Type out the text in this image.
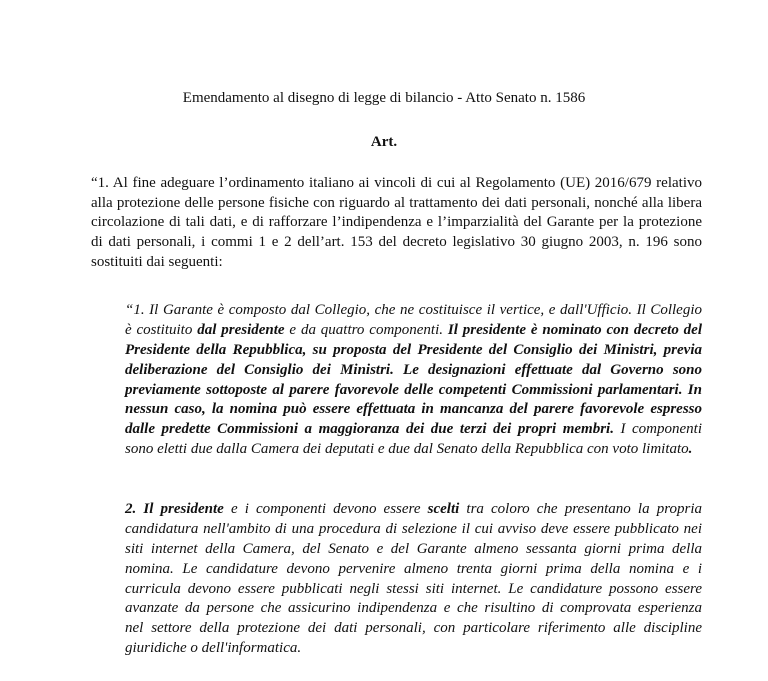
Emendamento al disegno di legge di bilancio - Atto Senato n. 1586
Art.
“1. Al fine adeguare l’ordinamento italiano ai vincoli di cui al Regolamento (UE) 2016/679 relativo
alla protezione delle persone fisiche con riguardo al trattamento dei dati personali, nonché alla libera
circolazione di tali dati, e di rafforzare l’indipendenza e l’imparzialità del Garante per la protezione
di dati personali, i commi 1 e 2 dell’art. 153 del decreto legislativo 30 giugno 2003, n. 196 sono
sostituiti dai seguenti:
“1. Il Garante è composto dal Collegio, che ne costituisce il vertice, e dall'Ufficio. Il Collegio
è costituito dal presidente e da quattro componenti. Il presidente è nominato con decreto del
Presidente della Repubblica, su proposta del Presidente del Consiglio dei Ministri, previa
deliberazione del Consiglio dei Ministri. Le designazioni effettuate dal Governo sono
previamente sottoposte al parere favorevole delle competenti Commissioni parlamentari. In
nessun caso, la nomina può essere effettuata in mancanza del parere favorevole espresso
dalle predette Commissioni a maggioranza dei due terzi dei propri membri. I componenti
sono eletti due dalla Camera dei deputati e due dal Senato della Repubblica con voto limitato.
2. Il presidente e i componenti devono essere scelti tra coloro che presentano la propria
candidatura nell'ambito di una procedura di selezione il cui avviso deve essere pubblicato nei
siti internet della Camera, del Senato e del Garante almeno sessanta giorni prima della
nomina. Le candidature devono pervenire almeno trenta giorni prima della nomina e i
curricula devono essere pubblicati negli stessi siti internet. Le candidature possono essere
avanzate da persone che assicurino indipendenza e che risultino di comprovata esperienza
nel settore della protezione dei dati personali, con particolare riferimento alle discipline
giuridiche o dell'informatica.
